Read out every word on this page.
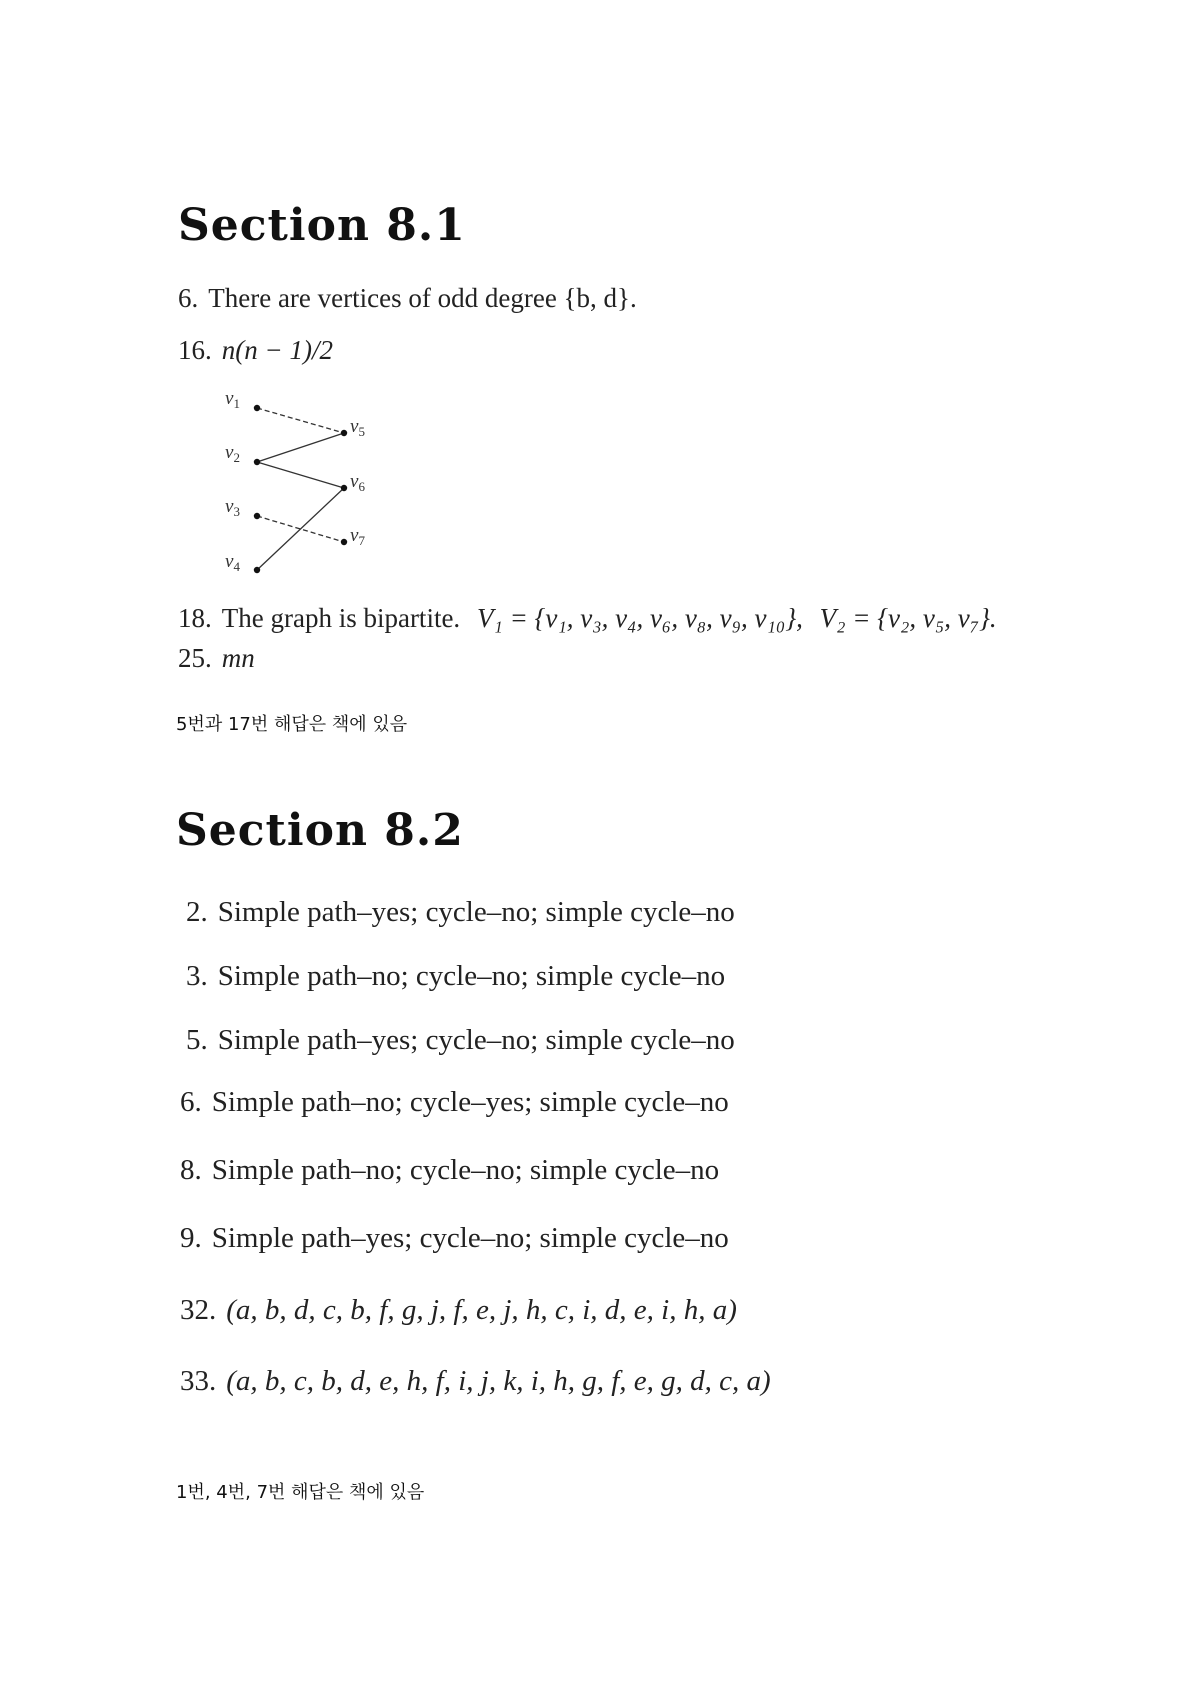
Section 8.1
6. There are vertices of odd degree {b, d}.
16. n(n − 1)/2
$v_1$
$v_2$
$v_3$
$v_4$
$v_5$
$v_6$
$v_7$
18. The graph is bipartite. V₁ = {v₁, v₃, v₄, v₆, v₈, v₉, v₁₀}, V₂ = {v₂, v₅, v₇}.
25. mn
5번과 17번 해답은 책에 있음
Section 8.2
2. Simple path–yes; cycle–no; simple cycle–no
3. Simple path–no; cycle–no; simple cycle–no
5. Simple path–yes; cycle–no; simple cycle–no
6. Simple path–no; cycle–yes; simple cycle–no
8. Simple path–no; cycle–no; simple cycle–no
9. Simple path–yes; cycle–no; simple cycle–no
32. (a, b, d, c, b, f, g, j, f, e, j, h, c, i, d, e, i, h, a)
33. (a, b, c, b, d, e, h, f, i, j, k, i, h, g, f, e, g, d, c, a)
1번, 4번, 7번 해답은 책에 있음
